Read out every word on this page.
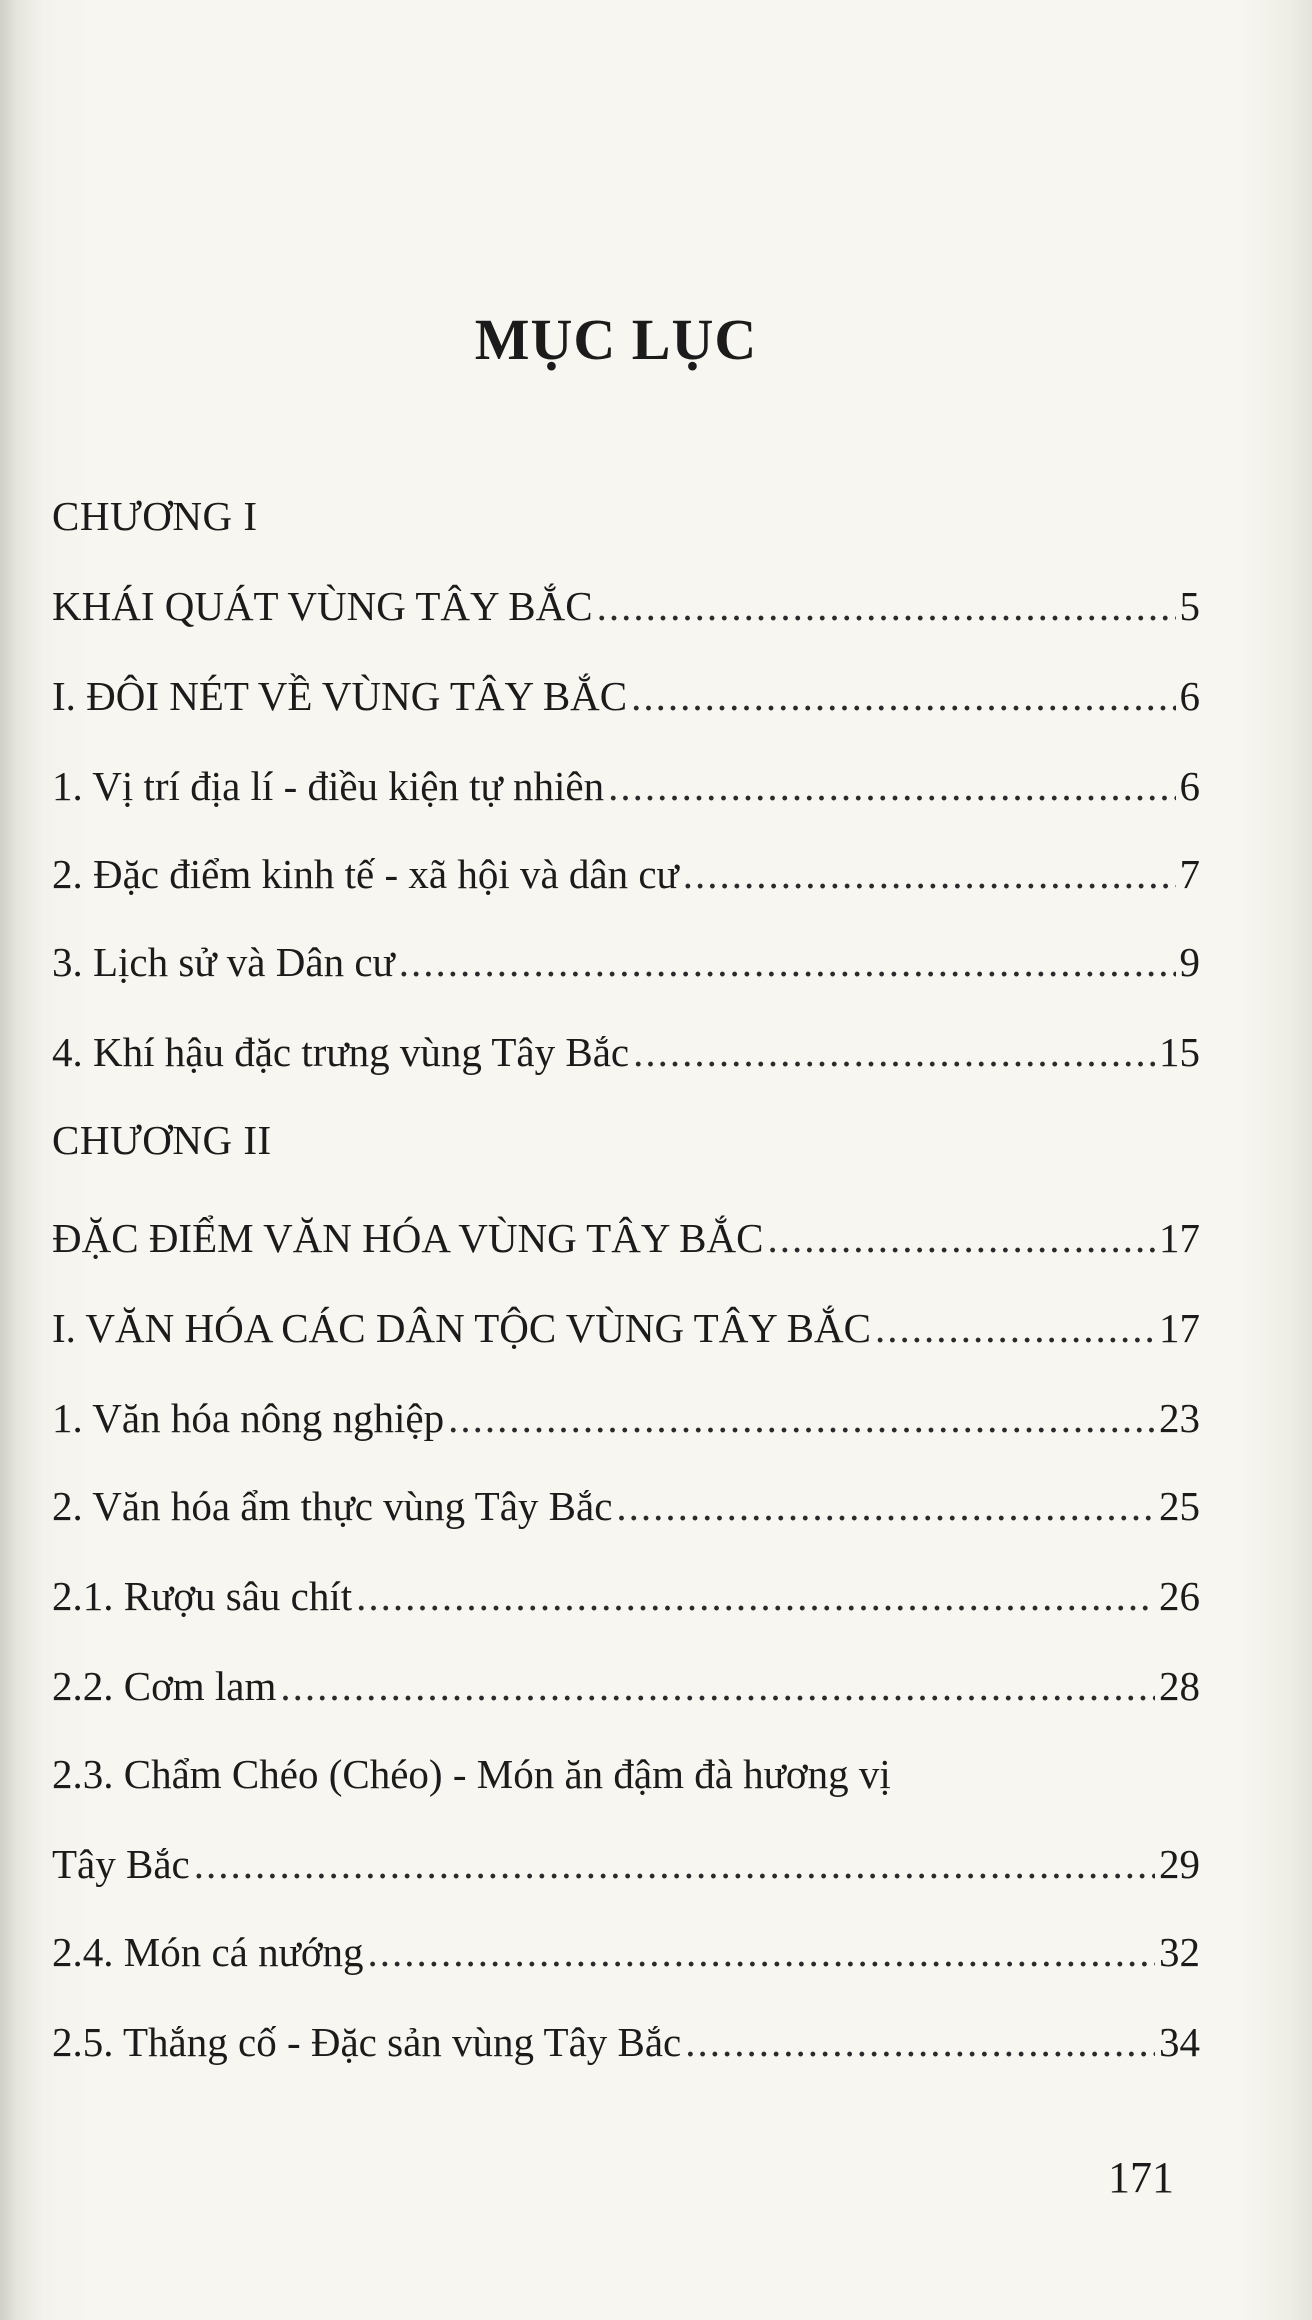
MỤC LỤC
CHƯƠNG I
KHÁI QUÁT VÙNG TÂY BẮC .....	5
I. ĐÔI NÉT VỀ VÙNG TÂY BẮC .....	6
1. Vị trí địa lí - điều kiện tự nhiên .....	6
2. Đặc điểm kinh tế - xã hội và dân cư .....	7
3. Lịch sử và Dân cư .....	9
4. Khí hậu đặc trưng vùng Tây Bắc .....	15
CHƯƠNG II
ĐẶC ĐIỂM VĂN HÓA VÙNG TÂY BẮC .....	17
I. VĂN HÓA CÁC DÂN TỘC VÙNG TÂY BẮC .....	17
1. Văn hóa nông nghiệp .....	23
2. Văn hóa ẩm thực vùng Tây Bắc .....	25
2.1. Rượu sâu chít .....	26
2.2. Cơm lam .....	28
2.3. Chẩm Chéo (Chéo) - Món ăn đậm đà hương vị
Tây Bắc .....	29
2.4. Món cá nướng .....	32
2.5. Thắng cố - Đặc sản vùng Tây Bắc .....	34
171
